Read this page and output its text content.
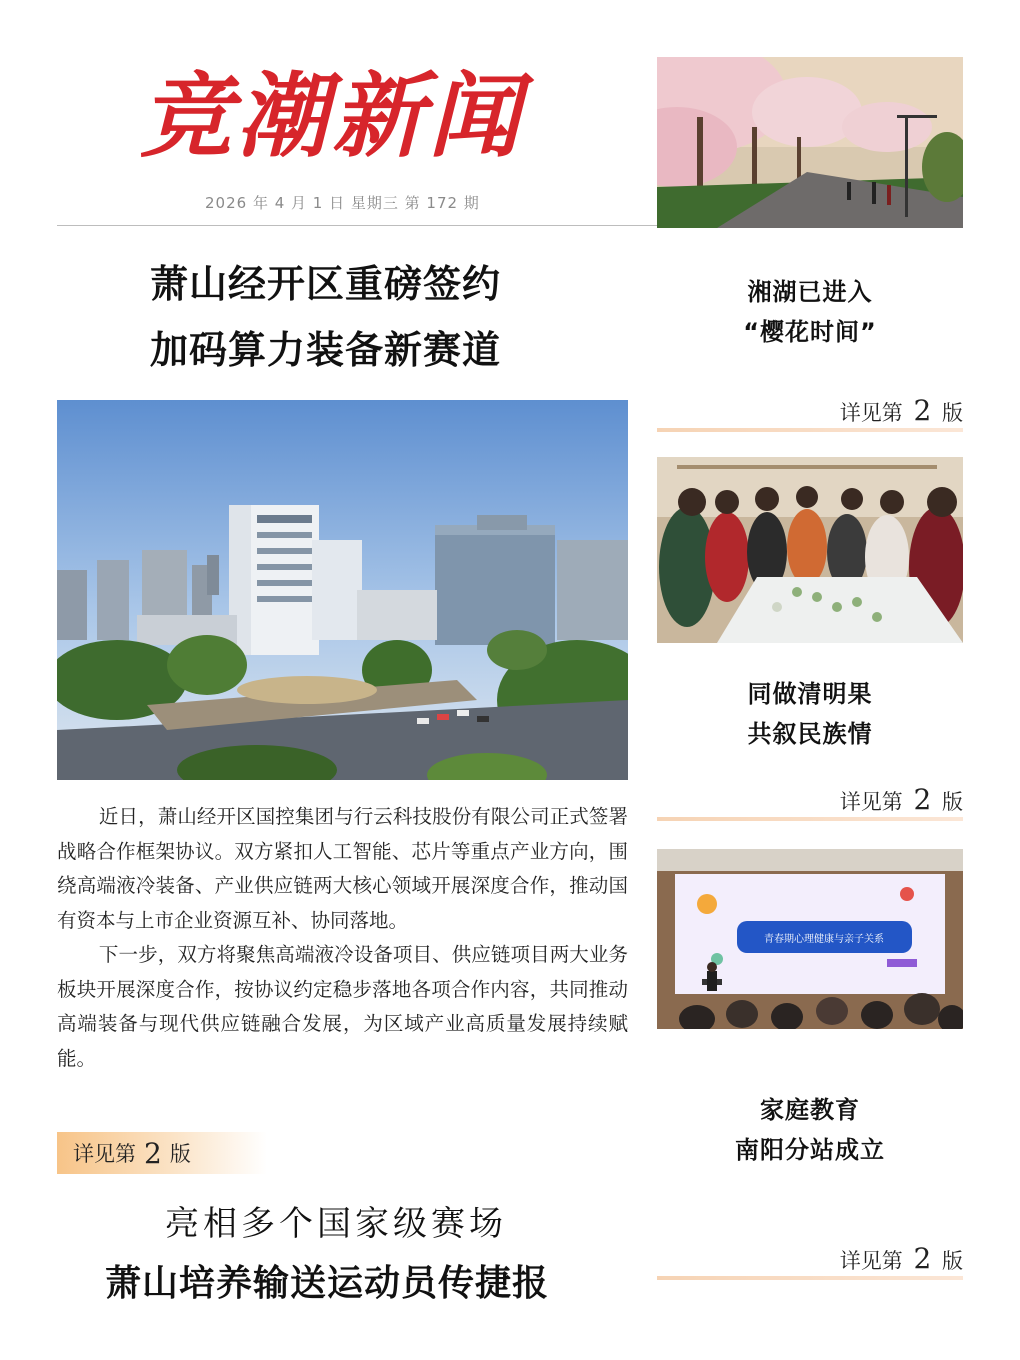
竞潮新闻
2026 年 4 月 1 日 星期三 第 172 期
萧山经开区重磅签约
加码算力装备新赛道

近日，萧山经开区国控集团与行云科技股份有限公司正式签署战略合作框架协议。双方紧扣人工智能、芯片等重点产业方向，围绕高端液冷装备、产业供应链两大核心领域开展深度合作，推动国有资本与上市企业资源互补、协同落地。

下一步，双方将聚焦高端液冷设备项目、供应链项目两大业务板块开展深度合作，按协议约定稳步落地各项合作内容，共同推动高端装备与现代供应链融合发展，为区域产业高质量发展持续赋能。

详见第 2 版
亮相多个国家级赛场
萧山培养输送运动员传捷报
湘湖已进入
“樱花时间”
详见第 2 版
同做清明果
共叙民族情
详见第 2 版
青春期心理健康与亲子关系
家庭教育
南阳分站成立
详见第 2 版
